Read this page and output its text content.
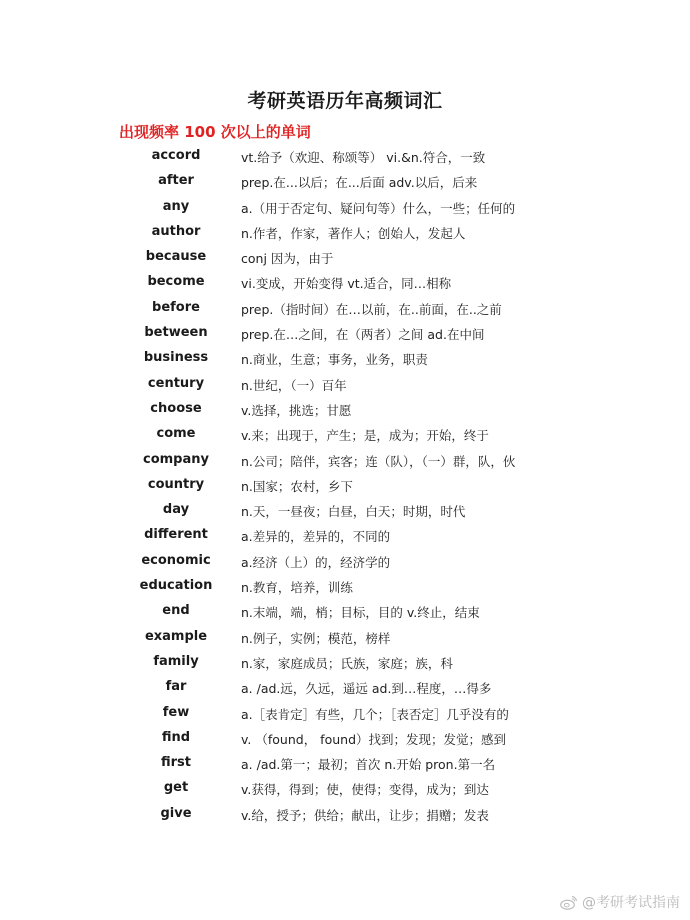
考研英语历年高频词汇
出现频率 100 次以上的单词
accord	vt.给予（欢迎、称颂等） vi.&n.符合，一致
after	prep.在...以后；在...后面 adv.以后，后来
any	a.（用于否定句、疑问句等）什么，一些；任何的
author	n.作者，作家，著作人；创始人，发起人
because	conj 因为，由于
become	vi.变成，开始变得 vt.适合，同…相称
before	prep.（指时间）在…以前，在..前面，在..之前
between	prep.在…之间，在（两者）之间 ad.在中间
business	n.商业，生意；事务，业务，职责
century	n.世纪，（一）百年
choose	v.选择，挑选；甘愿
come	v.来；出现于，产生；是，成为；开始，终于
company	n.公司；陪伴，宾客；连（队），（一）群，队，伙
country	n.国家；农村，乡下
day	n.天，一昼夜；白昼，白天；时期，时代
different	a.差异的，差异的，不同的
economic	a.经济（上）的，经济学的
education	n.教育，培养，训练
end	n.末端，端，梢；目标，目的 v.终止，结束
example	n.例子，实例；模范，榜样
family	n.家，家庭成员；氏族，家庭；族，科
far	a. /ad.远，久远，遥远 ad.到…程度，…得多
few	a.［表肯定］有些，几个；［表否定］几乎没有的
find	v. （found， found）找到；发现；发觉；感到
first	a. /ad.第一；最初；首次 n.开始 pron.第一名
get	v.获得，得到；使，使得；变得，成为；到达
give	v.给，授予；供给；献出，让步；捐赠；发表
@考研考试指南
